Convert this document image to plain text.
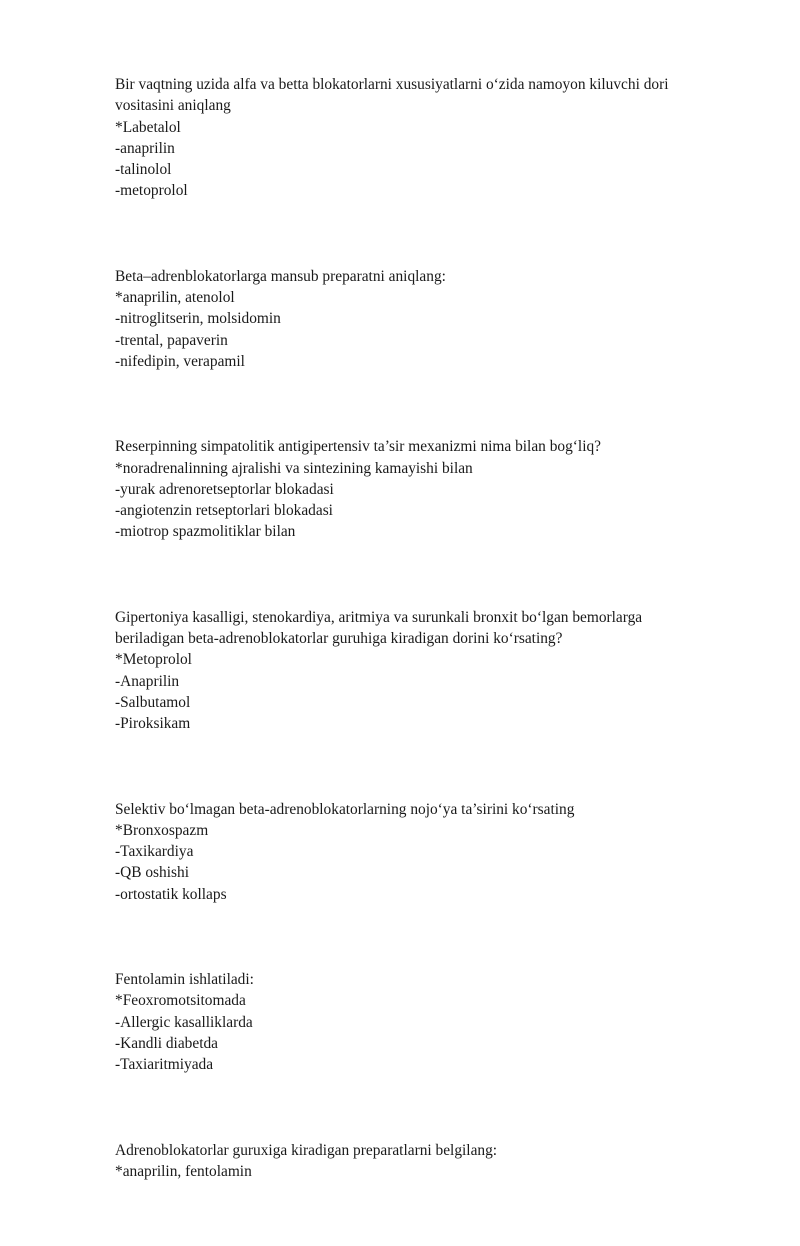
Bir vaqtning uzida alfa va betta blokatorlarni xususiyatlarni o‘zida namoyon kiluvchi dori vositasini aniqlang

*Labetalol
-anaprilin
-talinolol
-metoprolol

Beta–adrenblokatorlarga mansub preparatni aniqlang:

*anaprilin, atenolol
-nitroglitserin, molsidomin
-trental, papaverin
-nifedipin, verapamil

Reserpinning simpatolitik antigipertensiv ta’sir mexanizmi nima bilan bog‘liq?

*noradrenalinning ajralishi va sintezining kamayishi bilan
-yurak adrenoretseptorlar blokadasi
-angiotenzin retseptorlari blokadasi
-miotrop spazmolitiklar bilan

Gipertoniya kasalligi, stenokardiya, aritmiya va surunkali bronxit bo‘lgan bemorlarga beriladigan beta-adrenoblokatorlar guruhiga kiradigan dorini ko‘rsating?

*Metoprolol
-Anaprilin
-Salbutamol
-Piroksikam

Selektiv bo‘lmagan beta-adrenoblokatorlarning nojo‘ya ta’sirini ko‘rsating

*Bronxospazm
-Taxikardiya
-QB oshishi
-ortostatik kollaps

Fentolamin ishlatiladi:

*Feoxromotsitomada
-Allergic kasalliklarda
-Kandli diabetda
-Taxiaritmiyada

Adrenoblokatorlar guruxiga kiradigan preparatlarni belgilang:

*anaprilin, fentolamin
